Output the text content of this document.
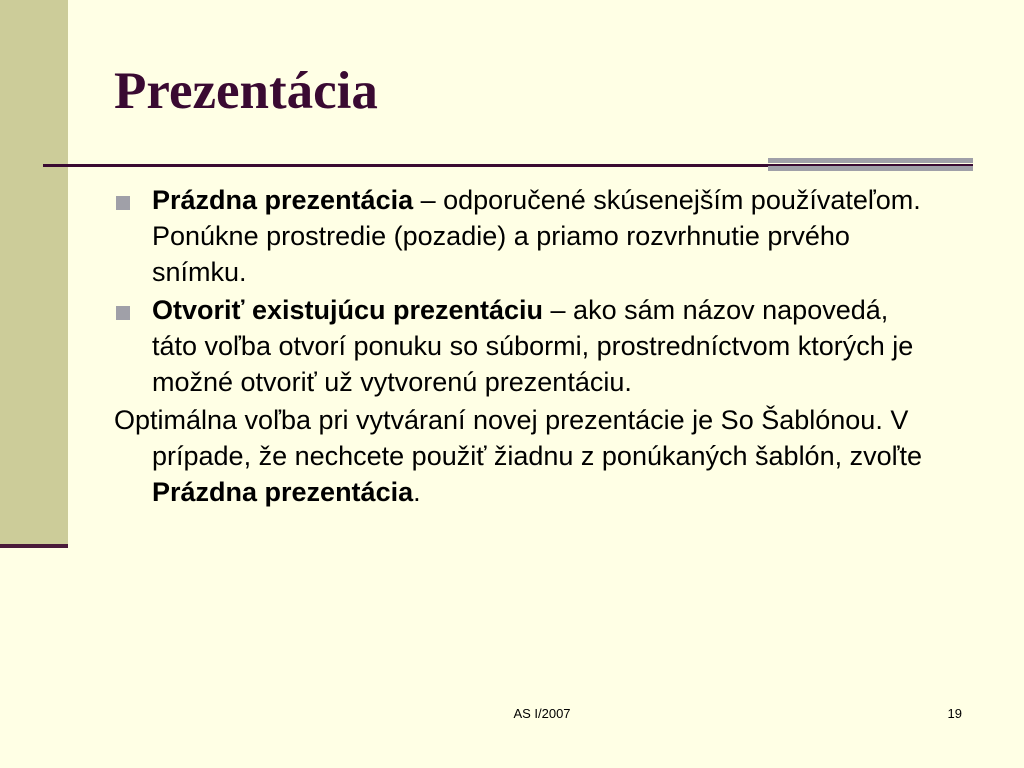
Prezentácia
Prázdna prezentácia – odporučené skúsenejším používateľom. Ponúkne prostredie (pozadie) a priamo rozvrhnutie prvého snímku.
Otvoriť existujúcu prezentáciu – ako sám názov napovedá, táto voľba otvorí ponuku so súbormi, prostredníctvom ktorých je možné otvoriť už vytvorenú prezentáciu.
Optimálna voľba pri vytváraní novej prezentácie je So Šablónou. V prípade, že nechcete použiť žiadnu z ponúkaných šablón, zvoľte Prázdna prezentácia.
AS I/2007	19
